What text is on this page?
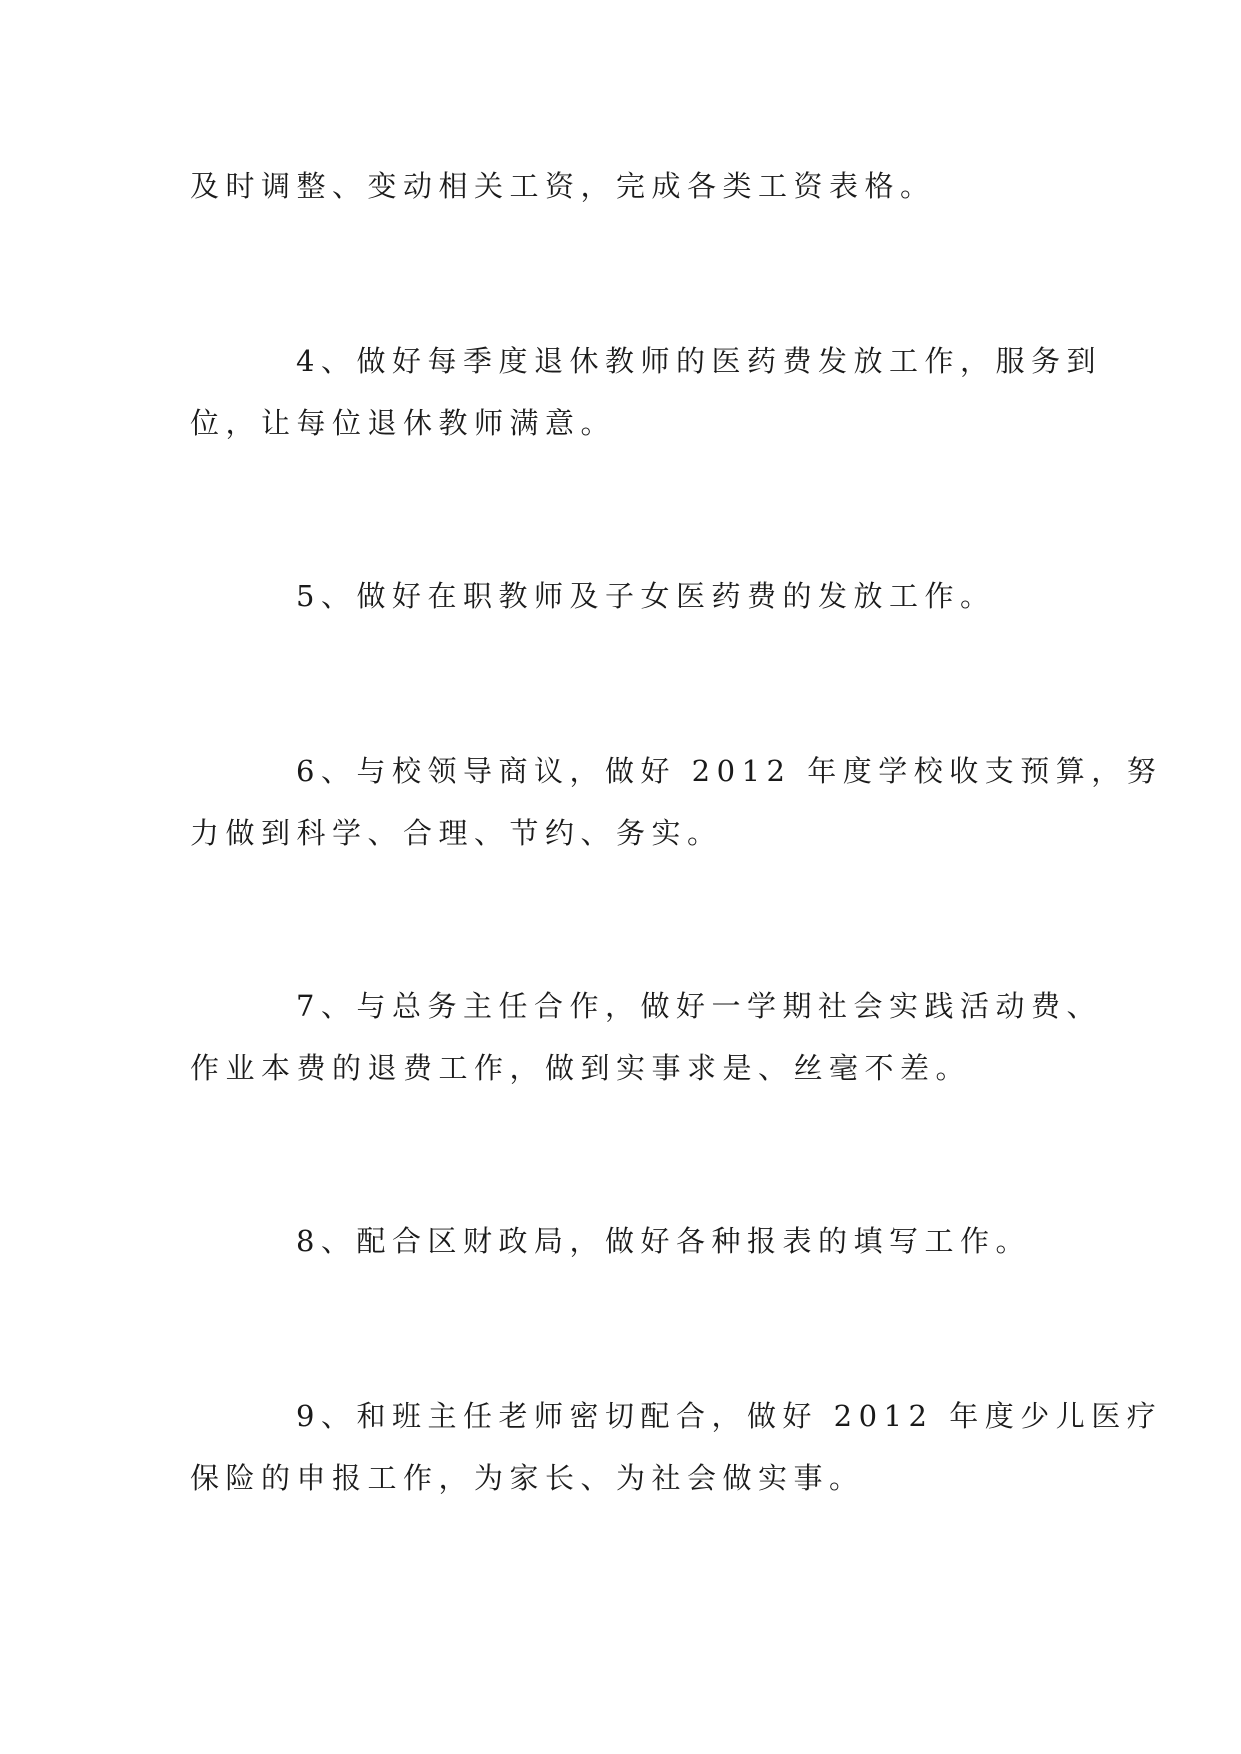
及时调整、变动相关工资，完成各类工资表格。

4、做好每季度退休教师的医药费发放工作，服务到
位，让每位退休教师满意。

5、做好在职教师及子女医药费的发放工作。

6、与校领导商议，做好 2012 年度学校收支预算，努
力做到科学、合理、节约、务实。

7、与总务主任合作，做好一学期社会实践活动费、
作业本费的退费工作，做到实事求是、丝毫不差。

8、配合区财政局，做好各种报表的填写工作。

9、和班主任老师密切配合，做好 2012 年度少儿医疗
保险的申报工作，为家长、为社会做实事。
